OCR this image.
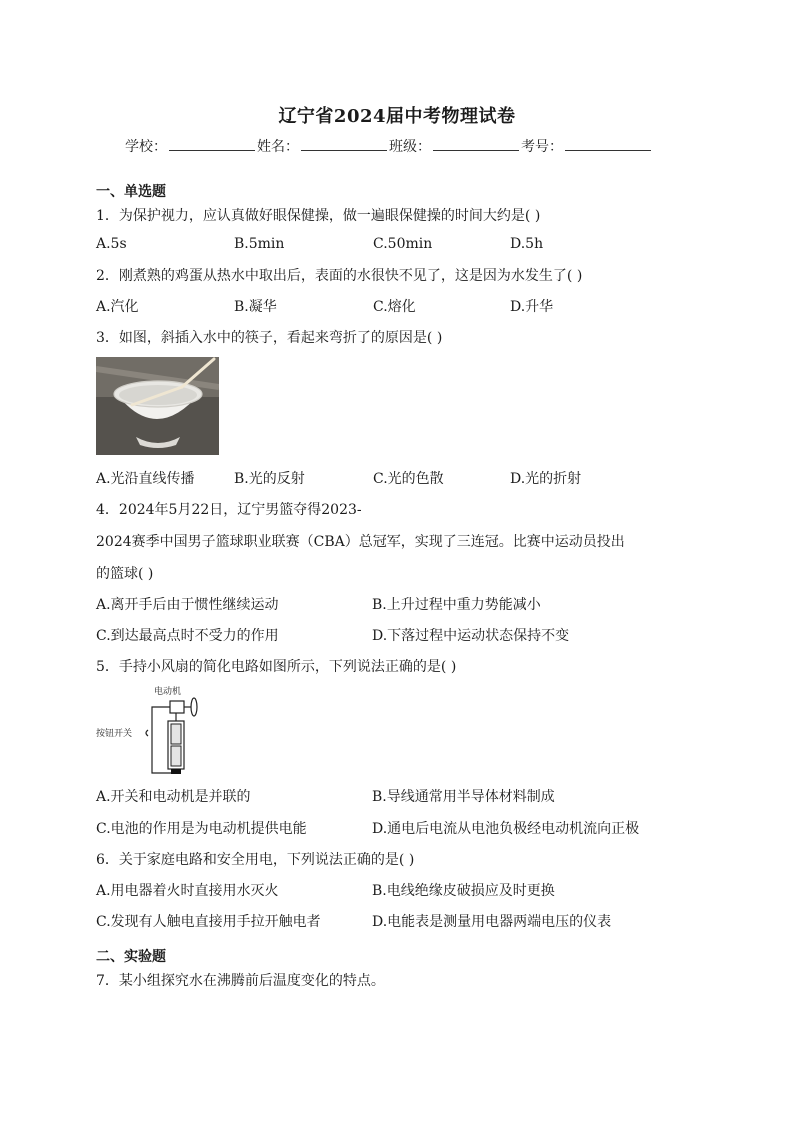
辽宁省2024届中考物理试卷
学校：	姓名：	班级：	考号：
一、单选题
1．为保护视力，应认真做好眼保健操，做一遍眼保健操的时间大约是( )
A.5s	B.5min	C.50min	D.5h
2．刚煮熟的鸡蛋从热水中取出后，表面的水很快不见了，这是因为水发生了( )
A.汽化	B.凝华	C.熔化	D.升华
3．如图，斜插入水中的筷子，看起来弯折了的原因是( )
A.光沿直线传播	B.光的反射	C.光的色散	D.光的折射
4．2024年5月22日，辽宁男篮夺得2023-
2024赛季中国男子篮球职业联赛（CBA）总冠军，实现了三连冠。比赛中运动员投出
的篮球( )
A.离开手后由于惯性继续运动	B.上升过程中重力势能减小
C.到达最高点时不受力的作用	D.下落过程中运动状态保持不变
5．手持小风扇的简化电路如图所示，下列说法正确的是( )
电动机
按钮开关
A.开关和电动机是并联的	B.导线通常用半导体材料制成
C.电池的作用是为电动机提供电能	D.通电后电流从电池负极经电动机流向正极
6．关于家庭电路和安全用电，下列说法正确的是( )
A.用电器着火时直接用水灭火	B.电线绝缘皮破损应及时更换
C.发现有人触电直接用手拉开触电者	D.电能表是测量用电器两端电压的仪表
二、实验题
7．某小组探究水在沸腾前后温度变化的特点。
